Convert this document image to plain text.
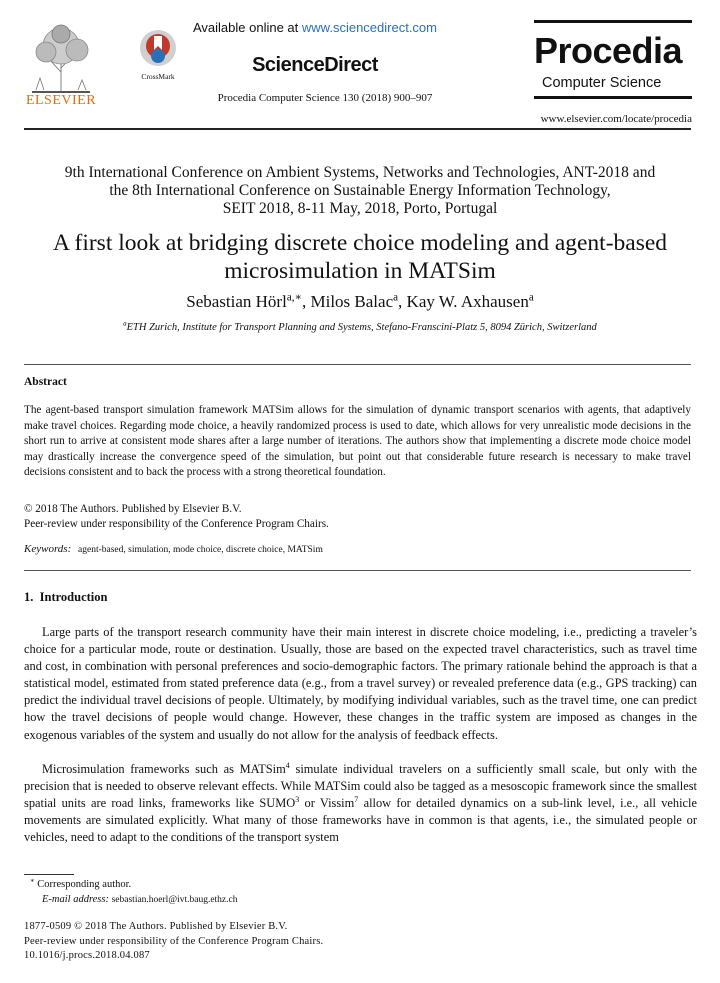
ELSEVIER
CrossMark
Available online at www.sciencedirect.com
ScienceDirect
Procedia Computer Science 130 (2018) 900–907
Procedia
Computer Science
www.elsevier.com/locate/procedia
9th International Conference on Ambient Systems, Networks and Technologies, ANT-2018 and
the 8th International Conference on Sustainable Energy Information Technology,
SEIT 2018, 8-11 May, 2018, Porto, Portugal
A first look at bridging discrete choice modeling and agent-based
microsimulation in MATSim
Sebastian Hörl$^{a,∗}$, Milos Balac$^a$, Kay W. Axhausen$^a$
$^a$ETH Zurich, Institute for Transport Planning and Systems, Stefano-Franscini-Platz 5, 8094 Zürich, Switzerland
Abstract
The agent-based transport simulation framework MATSim allows for the simulation of dynamic transport scenarios with agents, that adaptively make travel choices. Regarding mode choice, a heavily randomized process is used to date, which allows for very unrealistic mode decisions in the short run to arrive at consistent mode shares after a large number of iterations. The authors show that implementing a discrete mode choice model may drastically increase the convergence speed of the simulation, but point out that considerable future research is necessary to make travel decisions consistent and to back the process with a strong theoretical foundation.
© 2018 The Authors. Published by Elsevier B.V.
Peer-review under responsibility of the Conference Program Chairs.
Keywords: agent-based, simulation, mode choice, discrete choice, MATSim
1.  Introduction
Large parts of the transport research community have their main interest in discrete choice modeling, i.e., predicting a traveler’s choice for a particular mode, route or destination. Usually, those are based on the expected travel characteristics, such as travel time and cost, in combination with personal preferences and socio-demographic factors. The primary rationale behind the approach is that a statistical model, estimated from stated preference data (e.g., from a travel survey) or revealed preference data (e.g., GPS tracking) can predict the individual travel decisions of people. Ultimately, by modifying individual variables, such as the travel time, one can predict how the travel decisions of people would change. However, these changes in the traffic system are imposed as changes in the exogenous variables of the system and usually do not allow for the analysis of feedback effects.
Microsimulation frameworks such as MATSim$^4$ simulate individual travelers on a sufficiently small scale, but only with the precision that is needed to observe relevant effects. While MATSim could also be tagged as a mesoscopic framework since the smallest spatial units are road links, frameworks like SUMO$^3$ or Vissim$^7$ allow for detailed dynamics on a sub-link level, i.e., all vehicle movements are simulated explicitly. What many of those frameworks have in common is that agents, i.e., the simulated people or vehicles, need to adapt to the conditions of the transport system
∗ Corresponding author.
E-mail address: sebastian.hoerl@ivt.baug.ethz.ch
1877-0509 © 2018 The Authors. Published by Elsevier B.V.
Peer-review under responsibility of the Conference Program Chairs.
10.1016/j.procs.2018.04.087
